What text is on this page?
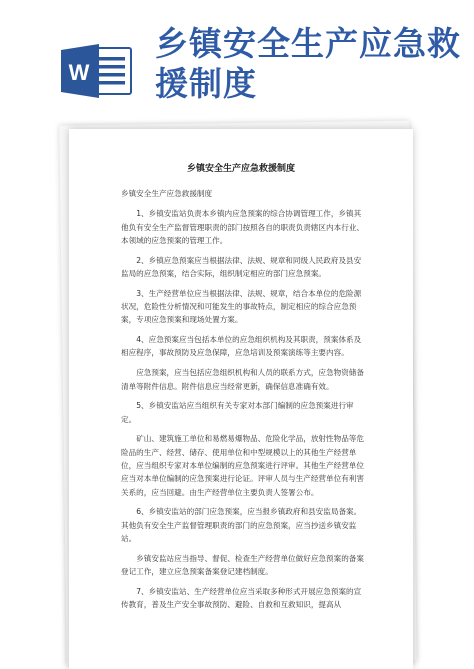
W
乡镇安全生产应急救援制度
乡镇安全生产应急救援制度

乡镇安全生产应急救援制度

1、乡镇安监站负责本乡镇内应急预案的综合协调管理工作，乡镇其他负有安全生产监督管理职责的部门按照各自的职责负责辖区内本行业、本领域的应急预案的管理工作。

2、乡镇应急预案应当根据法律、法规、规章和同级人民政府及县安监局的应急预案，结合实际，组织制定相应的部门应急预案。

3、生产经营单位应当根据法律、法规、规章，结合本单位的危险源状况，危险性分析情况和可能发生的事故特点，制定相应的综合应急预案，专项应急预案和现场处置方案。

4、应急预案应当包括本单位的应急组织机构及其职责，预案体系及相应程序，事故预防及应急保障，应急培训及预案演练等主要内容。

应急预案，应当包括应急组织机构和人员的联系方式，应急物资储备清单等附件信息。附件信息应当经常更新，确保信息准确有效。

5、乡镇安监站应当组织有关专家对本部门编制的应急预案进行审定。

矿山、建筑施工单位和易燃易爆物品、危险化学品，放射性物品等危险品的生产、经营、储存、使用单位和中型规模以上的其他生产经营单位，应当组织专家对本单位编制的应急预案进行评审。其他生产经营单位应当对本单位编制的应急预案进行论证。评审人员与生产经营单位有利害关系的，应当回避。由生产经营单位主要负责人签署公布。

6、乡镇安监站的部门应急预案，应当报乡镇政府和县安监局备案。其他负有安全生产监督管理职责的部门的应急预案，应当抄送乡镇安监站。

乡镇安监站应当指导、督促、检查生产经营单位做好应急预案的备案登记工作，建立应急预案备案登记建档制度。

7、乡镇安监站、生产经营单位应当采取多种形式开展应急预案的宣传教育，普及生产安全事故预防、避险、自救和互救知识，提高从
